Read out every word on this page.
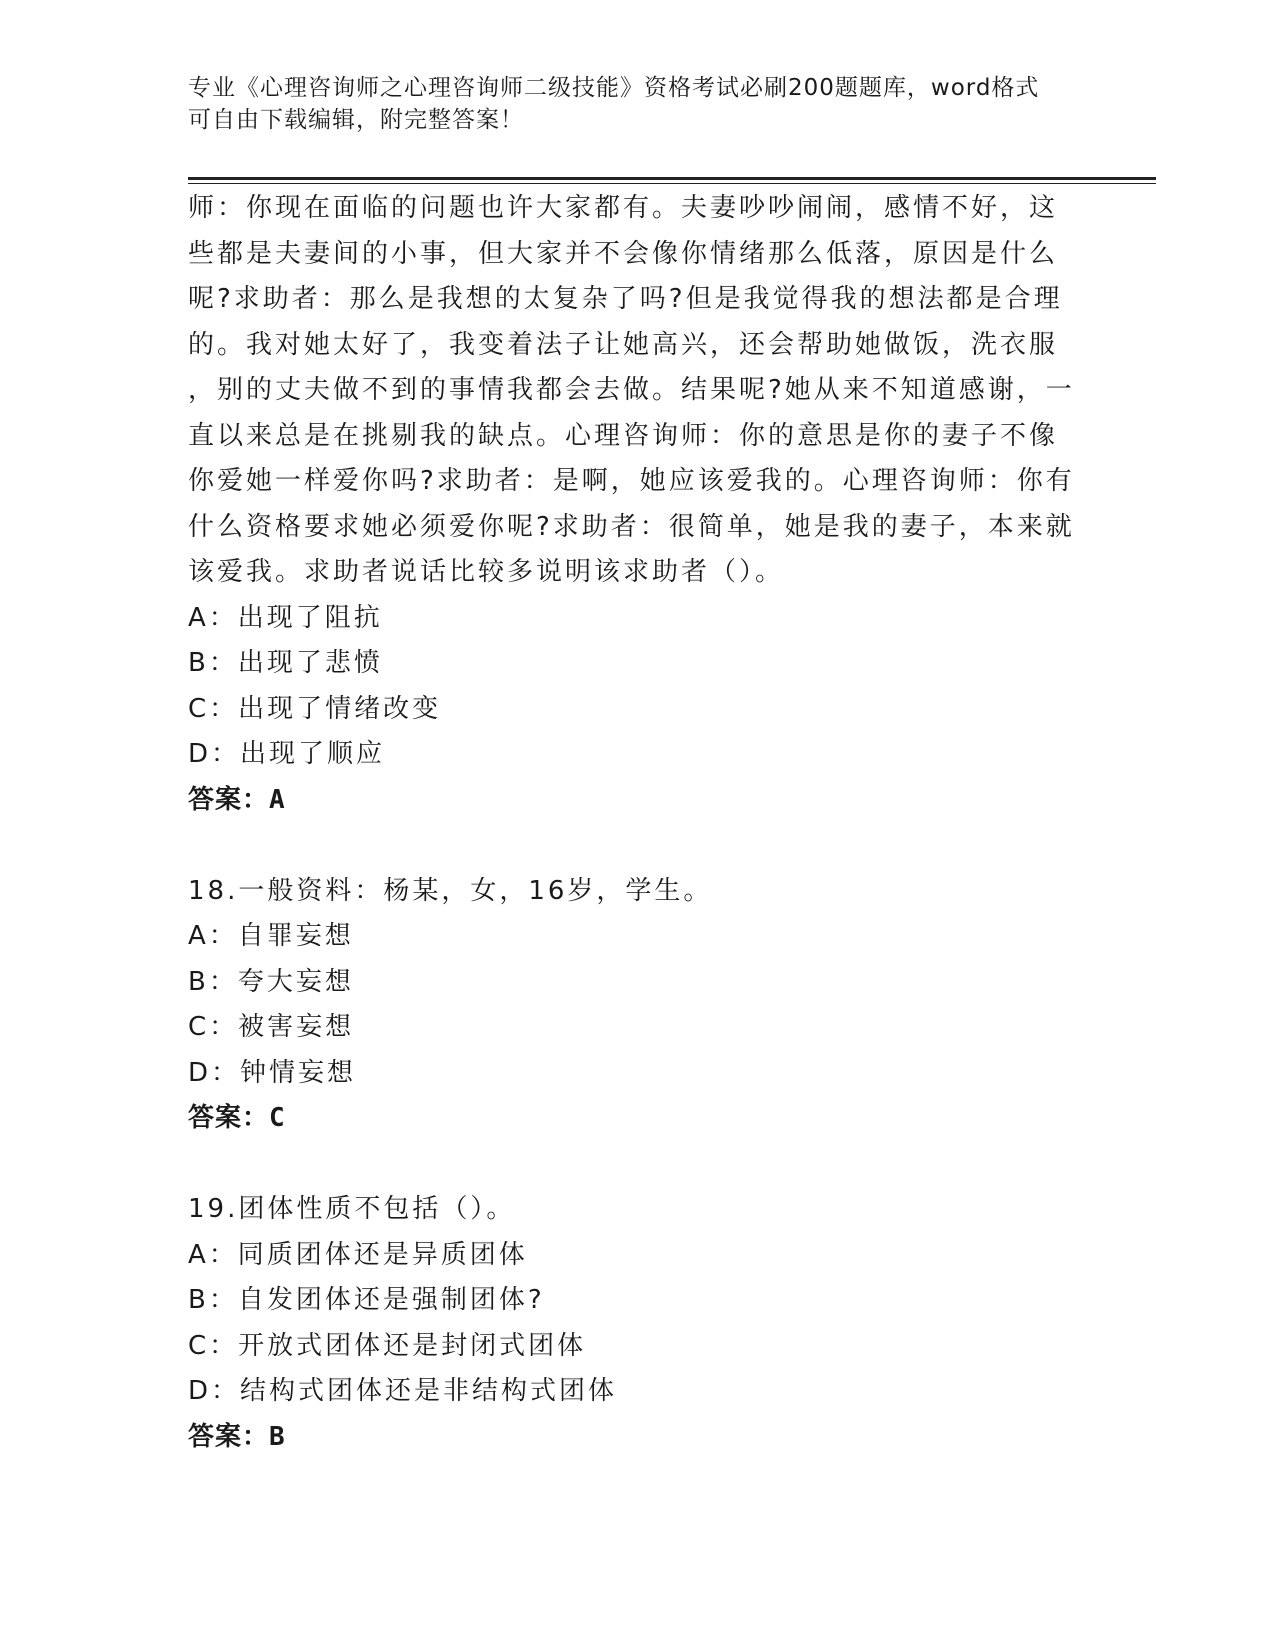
专业《心理咨询师之心理咨询师二级技能》资格考试必刷200题题库，word格式
可自由下载编辑，附完整答案！
师：你现在面临的问题也许大家都有。夫妻吵吵闹闹，感情不好，这
些都是夫妻间的小事，但大家并不会像你情绪那么低落，原因是什么
呢?求助者：那么是我想的太复杂了吗?但是我觉得我的想法都是合理
的。我对她太好了，我变着法子让她高兴，还会帮助她做饭，洗衣服
，别的丈夫做不到的事情我都会去做。结果呢?她从来不知道感谢，一
直以来总是在挑剔我的缺点。心理咨询师：你的意思是你的妻子不像
你爱她一样爱你吗?求助者：是啊，她应该爱我的。心理咨询师：你有
什么资格要求她必须爱你呢?求助者：很简单，她是我的妻子，本来就
该爱我。求助者说话比较多说明该求助者（）。
A：出现了阻抗
B：出现了悲愤
C：出现了情绪改变
D：出现了顺应
答案：A
18.一般资料：杨某，女，16岁，学生。
A：自罪妄想
B：夸大妄想
C：被害妄想
D：钟情妄想
答案：C
19.团体性质不包括（）。
A：同质团体还是异质团体
B：自发团体还是强制团体?
C：开放式团体还是封闭式团体
D：结构式团体还是非结构式团体
答案：B
